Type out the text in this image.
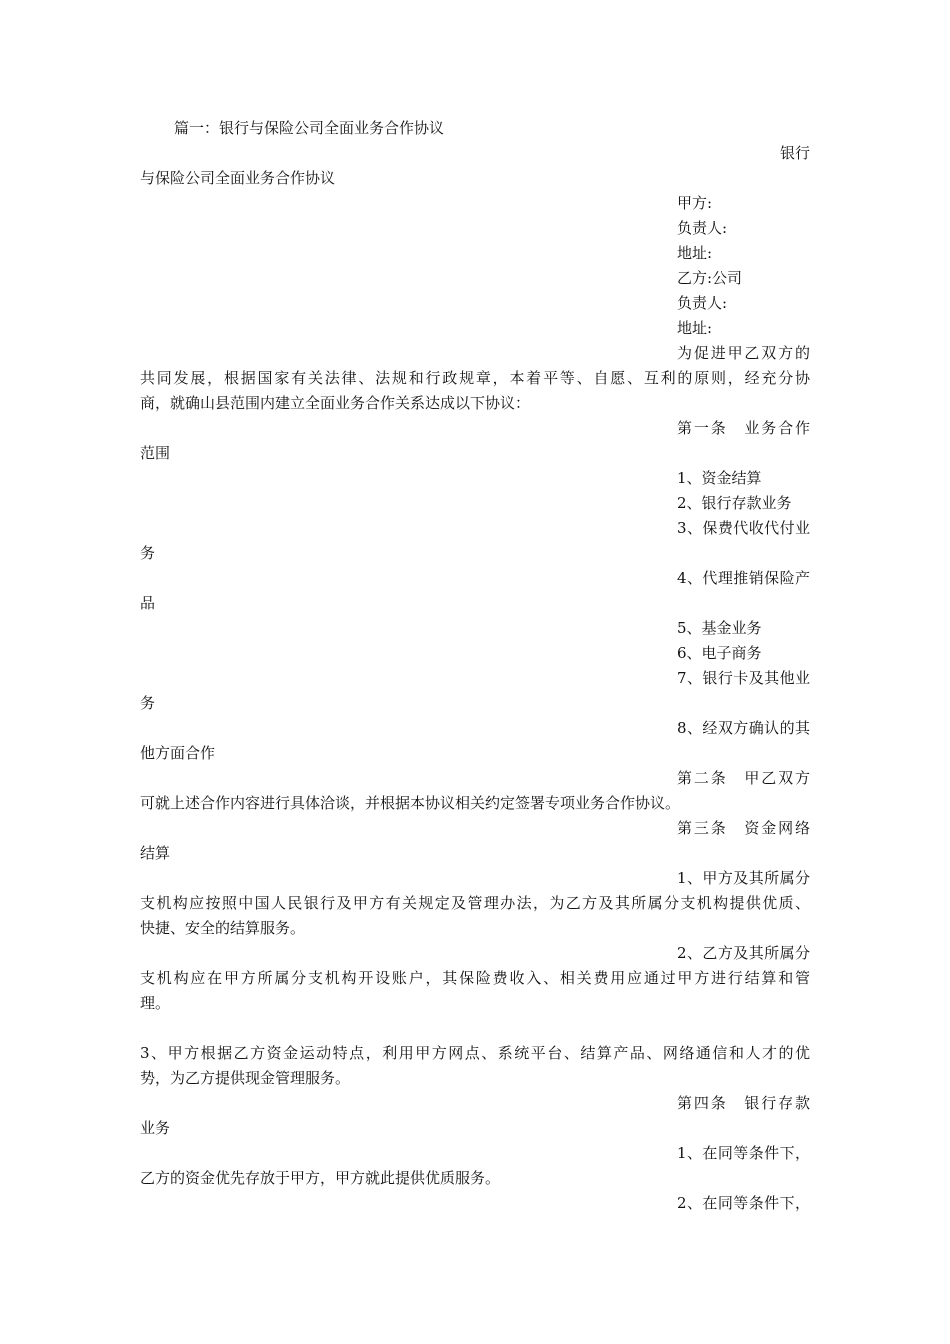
篇一：银行与保险公司全面业务合作协议
银行
与保险公司全面业务合作协议
甲方:
负责人:
地址:
乙方:公司
负责人:
地址:
为促进甲乙双方的
共同发展，根据国家有关法律、法规和行政规章，本着平等、自愿、互利的原则，经充分协
商，就确山县范围内建立全面业务合作关系达成以下协议：
第一条　业务合作
范围
1、资金结算
2、银行存款业务
3、保费代收代付业
务
4、代理推销保险产
品
5、基金业务
6、电子商务
7、银行卡及其他业
务
8、经双方确认的其
他方面合作
第二条　甲乙双方
可就上述合作内容进行具体洽谈，并根据本协议相关约定签署专项业务合作协议。
第三条　资金网络
结算
1、甲方及其所属分
支机构应按照中国人民银行及甲方有关规定及管理办法，为乙方及其所属分支机构提供优质、
快捷、安全的结算服务。
2、乙方及其所属分
支机构应在甲方所属分支机构开设账户，其保险费收入、相关费用应通过甲方进行结算和管
理。
3、甲方根据乙方资金运动特点，利用甲方网点、系统平台、结算产品、网络通信和人才的优
势，为乙方提供现金管理服务。
第四条　银行存款
业务
1、在同等条件下，
乙方的资金优先存放于甲方，甲方就此提供优质服务。
2、在同等条件下，
